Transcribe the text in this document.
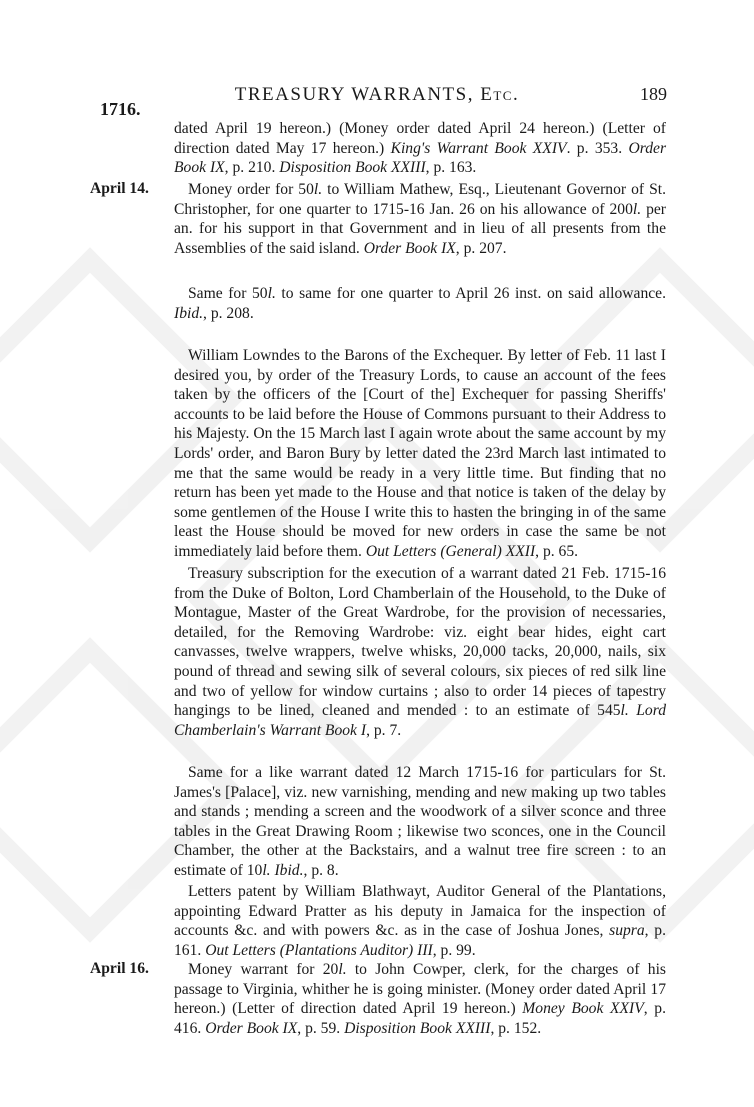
TREASURY WARRANTS, Etc.	189
1716.
April 14.
April 16.
dated April 19 hereon.) (Money order dated April 24 hereon.) (Letter of direction dated May 17 hereon.) King's Warrant Book XXIV. p. 353. Order Book IX, p. 210. Disposition Book XXIII, p. 163.
Money order for 50l. to William Mathew, Esq., Lieutenant Governor of St. Christopher, for one quarter to 1715-16 Jan. 26 on his allowance of 200l. per an. for his support in that Government and in lieu of all presents from the Assemblies of the said island. Order Book IX, p. 207.
Same for 50l. to same for one quarter to April 26 inst. on said allowance. Ibid., p. 208.
William Lowndes to the Barons of the Exchequer. By letter of Feb. 11 last I desired you, by order of the Treasury Lords, to cause an account of the fees taken by the officers of the [Court of the] Exchequer for passing Sheriffs' accounts to be laid before the House of Commons pursuant to their Address to his Majesty. On the 15 March last I again wrote about the same account by my Lords' order, and Baron Bury by letter dated the 23rd March last intimated to me that the same would be ready in a very little time. But finding that no return has been yet made to the House and that notice is taken of the delay by some gentlemen of the House I write this to hasten the bringing in of the same least the House should be moved for new orders in case the same be not immediately laid before them. Out Letters (General) XXII, p. 65.
Treasury subscription for the execution of a warrant dated 21 Feb. 1715-16 from the Duke of Bolton, Lord Chamberlain of the Household, to the Duke of Montague, Master of the Great Wardrobe, for the provision of necessaries, detailed, for the Removing Wardrobe: viz. eight bear hides, eight cart canvasses, twelve wrappers, twelve whisks, 20,000 tacks, 20,000, nails, six pound of thread and sewing silk of several colours, six pieces of red silk line and two of yellow for window curtains ; also to order 14 pieces of tapestry hangings to be lined, cleaned and mended : to an estimate of 545l. Lord Chamberlain's Warrant Book I, p. 7.
Same for a like warrant dated 12 March 1715-16 for particulars for St. James's [Palace], viz. new varnishing, mending and new making up two tables and stands ; mending a screen and the woodwork of a silver sconce and three tables in the Great Drawing Room ; likewise two sconces, one in the Council Chamber, the other at the Backstairs, and a walnut tree fire screen : to an estimate of 10l. Ibid., p. 8.
Letters patent by William Blathwayt, Auditor General of the Plantations, appointing Edward Pratter as his deputy in Jamaica for the inspection of accounts &c. and with powers &c. as in the case of Joshua Jones, supra, p. 161. Out Letters (Plantations Auditor) III, p. 99.
Money warrant for 20l. to John Cowper, clerk, for the charges of his passage to Virginia, whither he is going minister. (Money order dated April 17 hereon.) (Letter of direction dated April 19 hereon.) Money Book XXIV, p. 416. Order Book IX, p. 59. Disposition Book XXIII, p. 152.
